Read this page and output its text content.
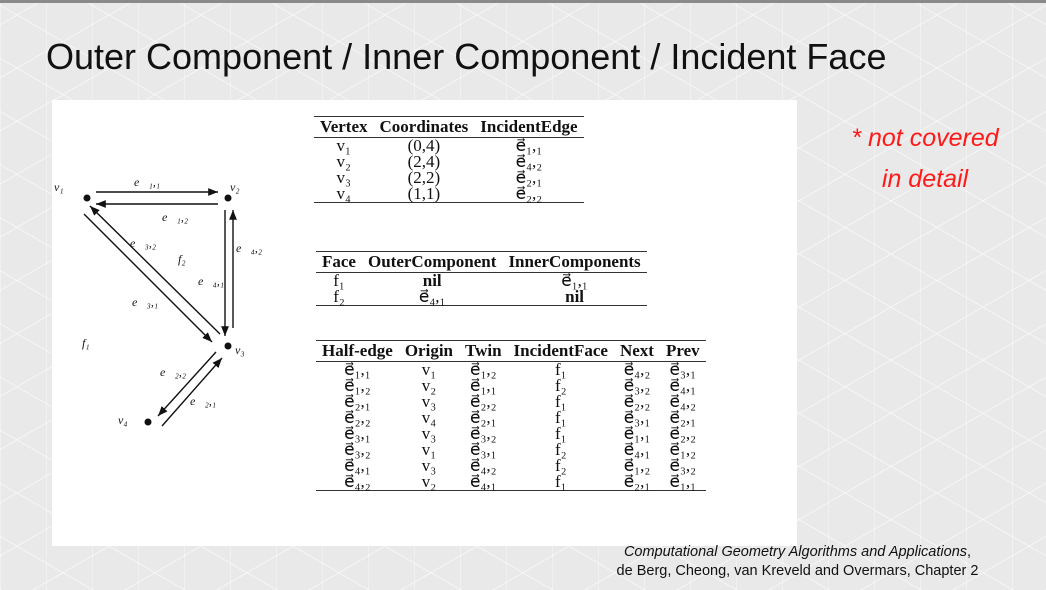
Outer Component / Inner Component / Incident Face
v₁	v₂
v₃
v₄
e⃗₁,₁
e⃗₁,₂
e⃗₃,₂	e⃗₄,₂
e⃗₄,₁
e⃗₃,₁
e⃗₂,₂
e⃗₂,₁
f₁
f₂
Vertex	Coordinates	IncidentEdge
v₁	(0,4)	e⃗₁,₁
v₂	(2,4)	e⃗₄,₂
v₃	(2,2)	e⃗₂,₁
v₄	(1,1)	e⃗₂,₂
Face	OuterComponent	InnerComponents
f₁	nil	e⃗₁,₁
f₂	e⃗₄,₁	nil
Half-edge	Origin	Twin	IncidentFace	Next	Prev
e⃗₁,₁	v₁	e⃗₁,₂	f₁	e⃗₄,₂	e⃗₃,₁
e⃗₁,₂	v₂	e⃗₁,₁	f₂	e⃗₃,₂	e⃗₄,₁
e⃗₂,₁	v₃	e⃗₂,₂	f₁	e⃗₂,₂	e⃗₄,₂
e⃗₂,₂	v₄	e⃗₂,₁	f₁	e⃗₃,₁	e⃗₂,₁
e⃗₃,₁	v₃	e⃗₃,₂	f₁	e⃗₁,₁	e⃗₂,₂
e⃗₃,₂	v₁	e⃗₃,₁	f₂	e⃗₄,₁	e⃗₁,₂
e⃗₄,₁	v₃	e⃗₄,₂	f₂	e⃗₁,₂	e⃗₃,₂
e⃗₄,₂	v₂	e⃗₄,₁	f₁	e⃗₂,₁	e⃗₁,₁
* not covered
in detail
Computational Geometry Algorithms and Applications,
de Berg, Cheong, van Kreveld and Overmars, Chapter 2
